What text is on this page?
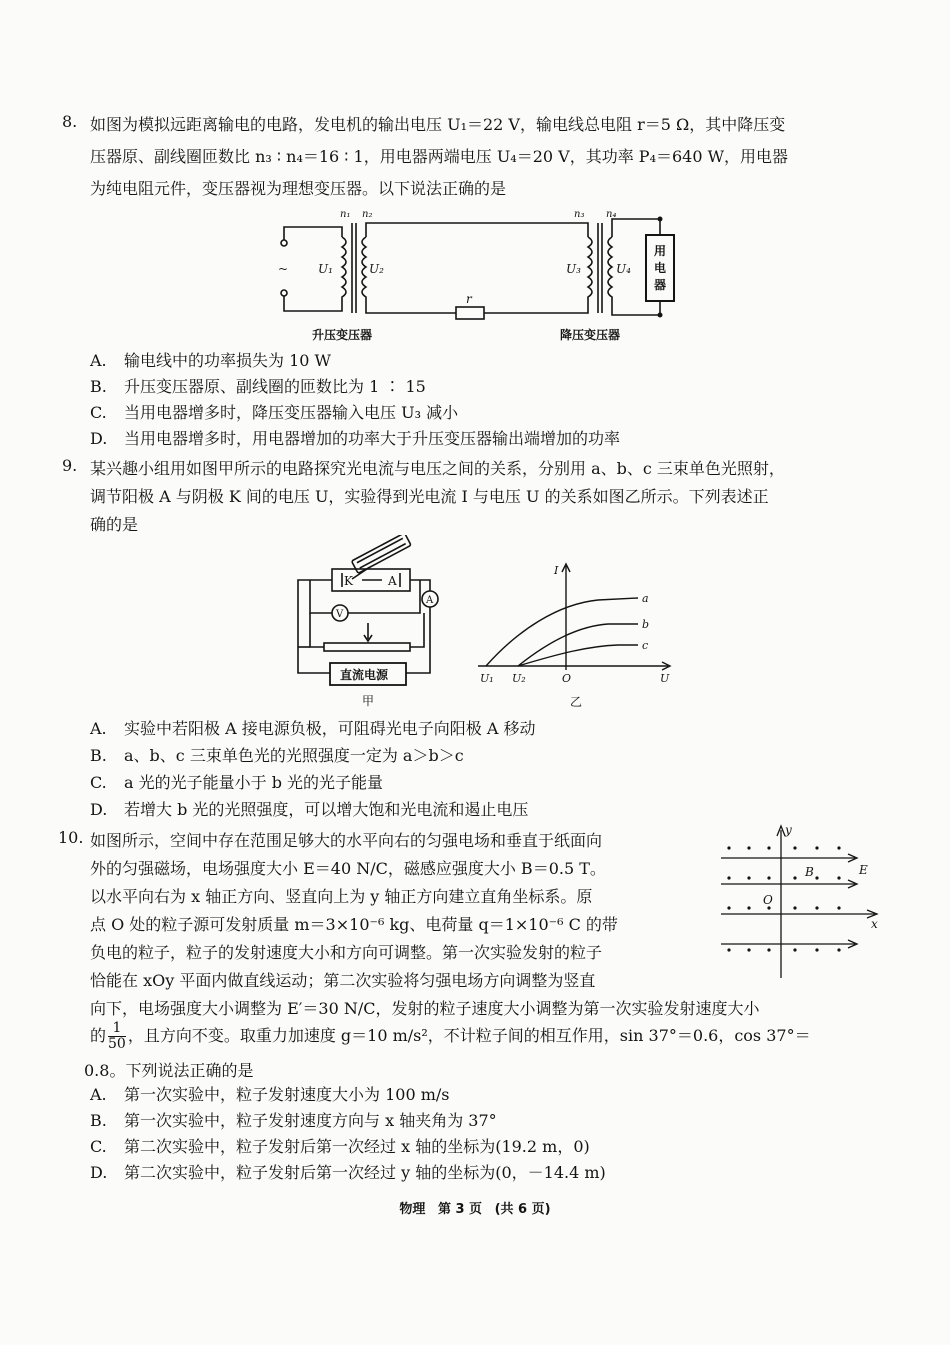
8. 如图为模拟远距离输电的电路，发电机的输出电压 U₁＝22 V，输电线总电阻 r＝5 Ω，其中降压变
压器原、副线圈匝数比 n₃ ∶ n₄＝16 ∶ 1，用电器两端电压 U₄＝20 V，其功率 P₄＝640 W，用电器
为纯电阻元件，变压器视为理想变压器。以下说法正确的是
n₁ n₂	n₃ n₄
~ U₁	U₂	U₃	U₄
r
用
电
器
升压变压器	降压变压器
A. 输电线中的功率损失为 10 W
B. 升压变压器原、副线圈的匝数比为 1 ∶ 15
C. 当用电器增多时，降压变压器输入电压 U₃ 减小
D. 当用电器增多时，用电器增加的功率大于升压变压器输出端增加的功率
9. 某兴趣小组用如图甲所示的电路探究光电流与电压之间的关系，分别用 a、b、c 三束单色光照射，
调节阳极 A 与阴极 K 间的电压 U，实验得到光电流 I 与电压 U 的关系如图乙所示。下列表述正
确的是
K	A
V
A
直流电源
甲
I
U
O
U₁ U₂
a
b
c
乙
A. 实验中若阳极 A 接电源负极，可阻碍光电子向阳极 A 移动
B. a、b、c 三束单色光的光照强度一定为 a＞b＞c
C. a 光的光子能量小于 b 光的光子能量
D. 若增大 b 光的光照强度，可以增大饱和光电流和遏止电压
10. 如图所示，空间中存在范围足够大的水平向右的匀强电场和垂直于纸面向
外的匀强磁场，电场强度大小 E＝40 N/C，磁感应强度大小 B＝0.5 T。
以水平向右为 x 轴正方向、竖直向上为 y 轴正方向建立直角坐标系。原
点 O 处的粒子源可发射质量 m＝3×10⁻⁶ kg、电荷量 q＝1×10⁻⁶ C 的带
负电的粒子，粒子的发射速度大小和方向可调整。第一次实验发射的粒子
恰能在 xOy 平面内做直线运动；第二次实验将匀强电场方向调整为竖直
向下，电场强度大小调整为 E′＝30 N/C，发射的粒子速度大小调整为第一次实验发射速度大小
的 $\frac{1}{50}$ ，且方向不变。取重力加速度 g＝10 m/s²，不计粒子间的相互作用，sin 37°＝0.6，cos 37°＝
0.8。下列说法正确的是
y
x
O
B	E
A. 第一次实验中，粒子发射速度大小为 100 m/s
B. 第一次实验中，粒子发射速度方向与 x 轴夹角为 37°
C. 第二次实验中，粒子发射后第一次经过 x 轴的坐标为(19.2 m，0)
D. 第二次实验中，粒子发射后第一次经过 y 轴的坐标为(0，－14.4 m)
物理 第 3 页 (共 6 页)
